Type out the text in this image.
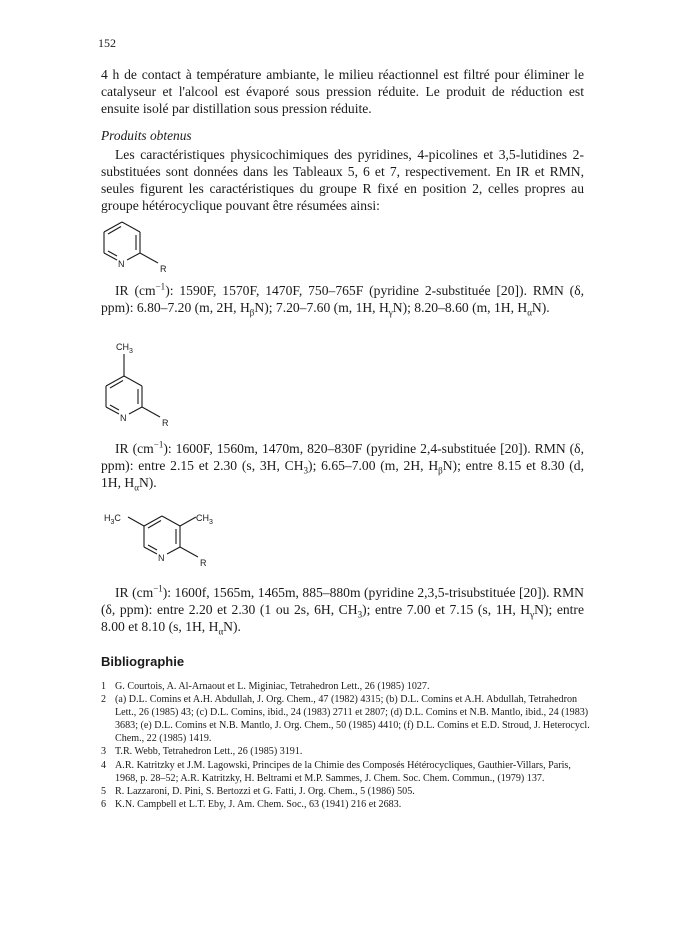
152

4 h de contact à température ambiante, le milieu réactionnel est filtré pour éliminer le catalyseur et l'alcool est évaporé sous pression réduite. Le produit de réduction est ensuite isolé par distillation sous pression réduite.

Produits obtenus

Les caractéristiques physicochimiques des pyridines, 4-picolines et 3,5-lutidines 2-substituées sont données dans les Tableaux 5, 6 et 7, respectivement. En IR et RMN, seules figurent les caractéristiques du groupe R fixé en position 2, celles propres au groupe hétérocyclique pouvant être résumées ainsi:

N	R

IR $(cm^{-1})$: 1590F, 1570F, 1470F, 750–765F (pyridine 2-substituée [20]). RMN (δ, ppm): 6.80–7.20 (m, 2H, $H_\beta N$); 7.20–7.60 (m, 1H, $H_\gamma N$); 8.20–8.60 (m, 1H, $H_\alpha N$).

$CH_3$
N	R

IR $(cm^{-1})$: 1600F, 1560m, 1470m, 820–830F (pyridine 2,4-substituée [20]). RMN (δ, ppm): entre 2.15 et 2.30 (s, 3H, $CH_3$); 6.65–7.00 (m, 2H, $H_\beta N$); entre 8.15 et 8.30 (d, 1H, $H_\alpha N$).

$H_3C$	$CH_3$
N	R

IR $(cm^{-1})$: 1600f, 1565m, 1465m, 885–880m (pyridine 2,3,5-trisubstituée [20]). RMN (δ, ppm): entre 2.20 et 2.30 (1 ou 2s, 6H, $CH_3$); entre 7.00 et 7.15 (s, 1H, $H_\gamma N$); entre 8.00 et 8.10 (s, 1H, $H_\alpha N$).

Bibliographie
1 G. Courtois, A. Al-Arnaout et L. Miginiac, Tetrahedron Lett., 26 (1985) 1027.
2 (a) D.L. Comins et A.H. Abdullah, J. Org. Chem., 47 (1982) 4315; (b) D.L. Comins et A.H. Abdullah, Tetrahedron Lett., 26 (1985) 43; (c) D.L. Comins, ibid., 24 (1983) 2711 et 2807; (d) D.L. Comins et N.B. Mantlo, ibid., 24 (1983) 3683; (e) D.L. Comins et N.B. Mantlo, J. Org. Chem., 50 (1985) 4410; (f) D.L. Comins et E.D. Stroud, J. Heterocycl. Chem., 22 (1985) 1419.
3 T.R. Webb, Tetrahedron Lett., 26 (1985) 3191.
4 A.R. Katritzky et J.M. Lagowski, Principes de la Chimie des Composés Hétérocycliques, Gauthier-Villars, Paris, 1968, p. 28–52; A.R. Katritzky, H. Beltrami et M.P. Sammes, J. Chem. Soc. Chem. Commun., (1979) 137.
5 R. Lazzaroni, D. Pini, S. Bertozzi et G. Fatti, J. Org. Chem., 5 (1986) 505.
6 K.N. Campbell et L.T. Eby, J. Am. Chem. Soc., 63 (1941) 216 et 2683.
